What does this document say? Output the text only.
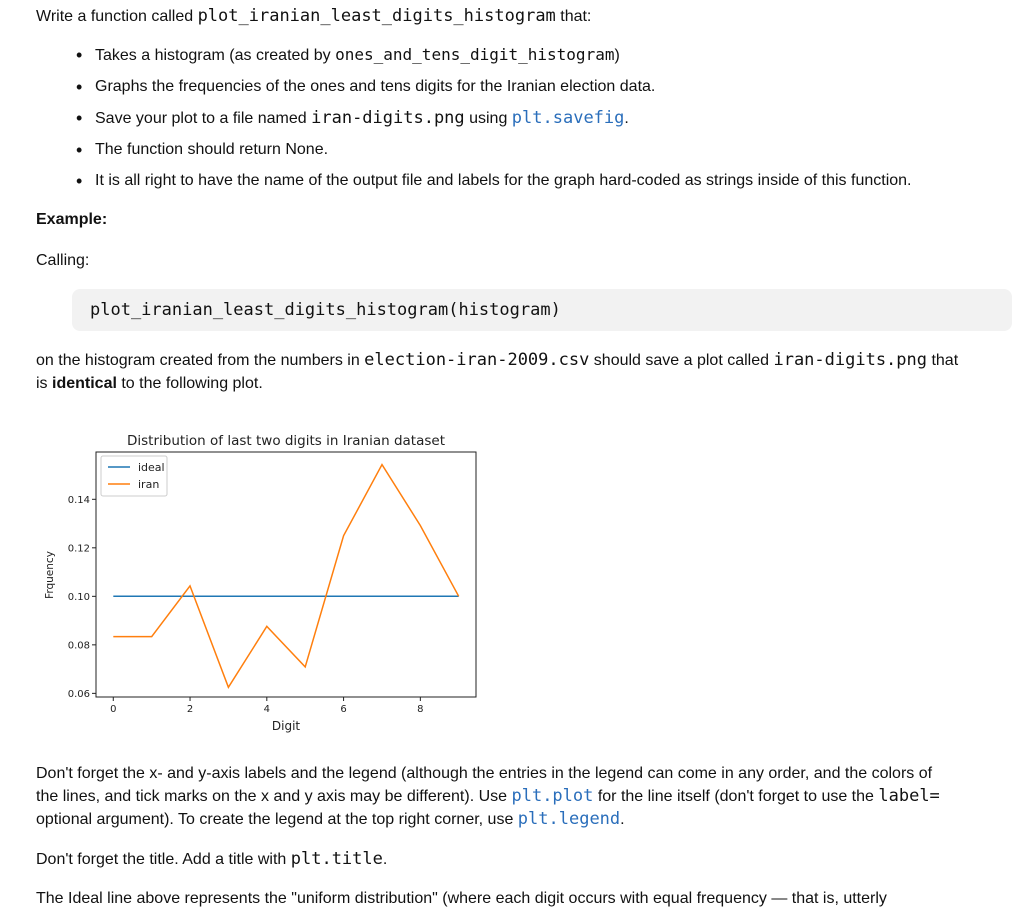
Write a function called plot_iranian_least_digits_histogram that:
• Takes a histogram (as created by ones_and_tens_digit_histogram)
• Graphs the frequencies of the ones and tens digits for the Iranian election data.
• Save your plot to a file named iran-digits.png using plt.savefig.
• The function should return None.
• It is all right to have the name of the output file and labels for the graph hard-coded as strings inside of this function.
Example:
Calling:
plot_iranian_least_digits_histogram(histogram)
on the histogram created from the numbers in election-iran-2009.csv should save a plot called iran-digits.png that
is identical to the following plot.
Distribution of last two digits in Iranian dataset
0	2	4	6	8
0.06
0.08
0.10
0.12
0.14
Digit
Frquency
ideal
iran
Don't forget the x- and y-axis labels and the legend (although the entries in the legend can come in any order, and the colors of
the lines, and tick marks on the x and y axis may be different). Use plt.plot for the line itself (don't forget to use the label=
optional argument). To create the legend at the top right corner, use plt.legend.
Don't forget the title. Add a title with plt.title.
The Ideal line above represents the "uniform distribution" (where each digit occurs with equal frequency — that is, utterly
